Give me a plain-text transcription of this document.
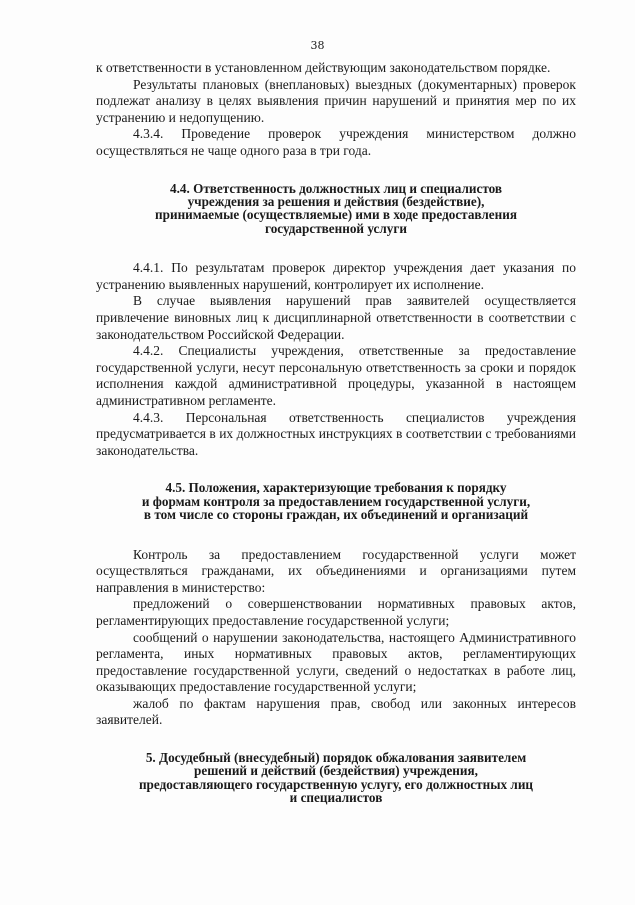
38

к ответственности в установленном действующим законодательством порядке.

Результаты плановых (внеплановых) выездных (документарных) проверок подлежат анализу в целях выявления причин нарушений и принятия мер по их устранению и недопущению.

4.3.4. Проведение проверок учреждения министерством должно осуществляться не чаще одного раза в три года.

4.4. Ответственность должностных лиц и специалистов
учреждения за решения и действия (бездействие),
принимаемые (осуществляемые) ими в ходе предоставления
государственной услуги

4.4.1. По результатам проверок директор учреждения дает указания по устранению выявленных нарушений, контролирует их исполнение.

В случае выявления нарушений прав заявителей осуществляется привлечение виновных лиц к дисциплинарной ответственности в соответствии с законодательством Российской Федерации.

4.4.2. Специалисты учреждения, ответственные за предоставление государственной услуги, несут персональную ответственность за сроки и порядок исполнения каждой административной процедуры, указанной в настоящем административном регламенте.

4.4.3. Персональная ответственность специалистов учреждения предусматривается в их должностных инструкциях в соответствии с требованиями законодательства.

4.5. Положения, характеризующие требования к порядку
и формам контроля за предоставлением государственной услуги,
в том числе со стороны граждан, их объединений и организаций

Контроль за предоставлением государственной услуги может осуществляться гражданами, их объединениями и организациями путем направления в министерство:

предложений о совершенствовании нормативных правовых актов, регламентирующих предоставление государственной услуги;

сообщений о нарушении законодательства, настоящего Административного регламента, иных нормативных правовых актов, регламентирующих предоставление государственной услуги, сведений о недостатках в работе лиц, оказывающих предоставление государственной услуги;

жалоб по фактам нарушения прав, свобод или законных интересов заявителей.

5. Досудебный (внесудебный) порядок обжалования заявителем
решений и действий (бездействия) учреждения,
предоставляющего государственную услугу, его должностных лиц
и специалистов
